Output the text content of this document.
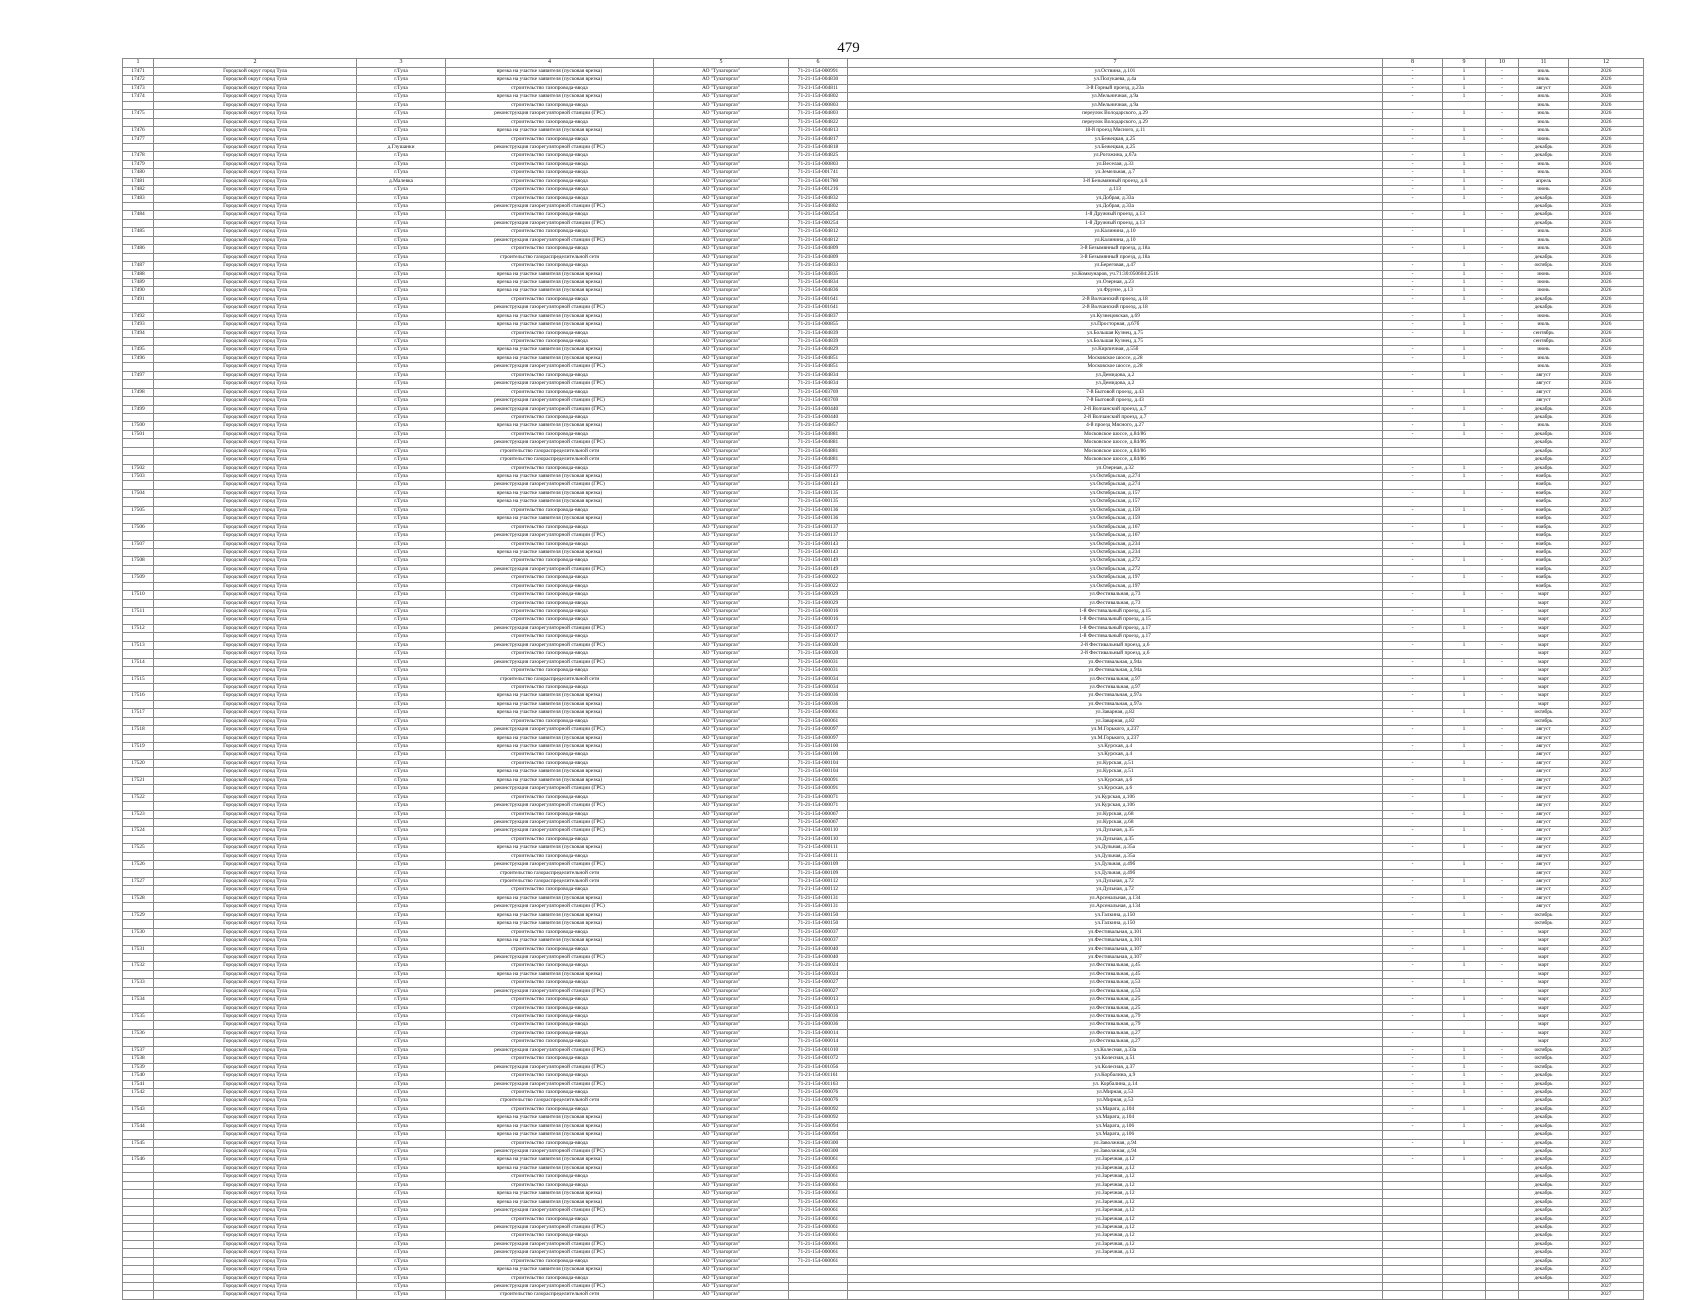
479
1	2	3	4	5	6	7	8	9	10	11	12
17471	Городской округ город Тула	г.Тула	врезка на участке заявителя (пусковая врезка)	АО "Тулагоргаз"	71-21-154-000991	ул.Оствина, д.101	-	1	-	июль	2026
17472	Городской округ город Тула	г.Тула	врезка на участке заявителя (пусковая врезка)	АО "Тулагоргаз"	71-21-154-004830	ул.Полукаева, д.4а	-	1	-	июль	2026
17473	Городской округ город Тула	г.Тула	строительство газопровода-ввода	АО "Тулагоргаз"	71-21-154-004811	3-й Горный проезд, д.23а	-	1	-	август	2026
17474	Городской округ город Тула	г.Тула	врезка на участке заявителя (пусковая врезка)	АО "Тулагоргаз"	71-21-154-004802	ул.Мельничная, д.9а	-	1	-	июль	2026
	Городской округ город Тула	г.Тула	строительство газопровода-ввода	АО "Тулагоргаз"	71-21-154-000803	ул.Мельничная, д.9а				июль	2026
17475	Городской округ город Тула	г.Тула	реконструкция газорегуляторной станции (ГРС)	АО "Тулагоргаз"	71-21-154-004803	переулок Володарского, д.29	-	1	-	июль	2026
	Городской округ город Тула	г.Тула	строительство газопровода-ввода	АО "Тулагоргаз"	71-21-154-004822	переулок Володарского, д.29				июль	2026
17476	Городской округ город Тула	г.Тула	врезка на участке заявителя (пусковая врезка)	АО "Тулагоргаз"	71-21-154-004813	18-й проезд Мясного, д.11	-	1	-	июль	2026
17477	Городской округ город Тула	г.Тула	строительство газопровода-ввода	АО "Тулагоргаз"	71-21-154-004817	ул.Бежецкая, д.25	-	1	-	июнь	2026
	Городской округ город Тула	д.Глушанки	реконструкция газорегуляторной станции (ГРС)	АО "Тулагоргаз"	71-21-154-004818	ул.Бежецкая, д.25				декабрь	2026
17478	Городской округ город Тула	г.Тула	строительство газопровода-ввода	АО "Тулагоргаз"	71-21-154-004825	ул.Рогожина, д.67а	-	1	-	декабрь	2026
17479	Городской округ город Тула	г.Тула	строительство газопровода-ввода	АО "Тулагоргаз"	71-21-154-000803	ул.Веселая, д.33	-	1	-	июль	2026
17480	Городской округ город Тула	г.Тула	строительство газопровода-ввода	АО "Тулагоргаз"	71-21-154-001741	ул.Земельная, д.7	-	1	-	июль	2026
17481	Городской округ город Тула	д.Малевка	строительство газопровода-ввода	АО "Тулагоргаз"	71-21-154-001780	3-й Безымянный проезд, д.6	-	1	-	апрель	2026
17482	Городской округ город Тула	г.Тула	строительство газопровода-ввода	АО "Тулагоргаз"	71-21-154-001216	д.113	-	1	-	июнь	2026
17483	Городской округ город Тула	г.Тула	строительство газопровода-ввода	АО "Тулагоргаз"	71-21-154-004832	ул.Добрая, д.33а	-	1	-	декабрь	2026
	Городской округ город Тула	г.Тула	реконструкция газорегуляторной станции (ГРС)	АО "Тулагоргаз"	71-21-154-004802	ул.Добрая, д.33а				декабрь	2026
17484	Городской округ город Тула	г.Тула	строительство газопровода-ввода	АО "Тулагоргаз"	71-21-154-000254	1-й Дружный проезд, д.13	-	1	-	декабрь	2026
	Городской округ город Тула	г.Тула	реконструкция газорегуляторной станции (ГРС)	АО "Тулагоргаз"	71-21-154-000254	1-й Дружный проезд, д.13				декабрь	2026
17485	Городской округ город Тула	г.Тула	строительство газопровода-ввода	АО "Тулагоргаз"	71-21-154-004812	ул.Калинина, д.10	-	1	-	июль	2026
	Городской округ город Тула	г.Тула	реконструкция газорегуляторной станции (ГРС)	АО "Тулагоргаз"	71-21-154-004812	ул.Калинина, д.10				июль	2026
17486	Городской округ город Тула	г.Тула	строительство газопровода-ввода	АО "Тулагоргаз"	71-21-154-004809	3-й Безымянный проезд, д.18а	-	1	-	июль	2026
	Городской округ город Тула	г.Тула	строительство газораспределительной сети	АО "Тулагоргаз"	71-21-154-004809	3-й Безымянный проезд, д.18а				декабрь	2026
17487	Городской округ город Тула	г.Тула	строительство газопровода-ввода	АО "Тулагоргаз"	71-21-154-004833	ул.Береговая, д.47	-	1	-	октябрь	2026
17488	Городской округ город Тула	г.Тула	врезка на участке заявителя (пусковая врезка)	АО "Тулагоргаз"	71-21-154-004835	ул.Коммунаров, уч.71:30:050604:2516	-	1	-	июнь	2026
17489	Городской округ город Тула	г.Тула	врезка на участке заявителя (пусковая врезка)	АО "Тулагоргаз"	71-21-154-004834	ул.Озерная, д.23	-	1	-	июнь	2026
17490	Городской округ город Тула	г.Тула	врезка на участке заявителя (пусковая врезка)	АО "Тулагоргаз"	71-21-154-004836	ул.Фрунзе, д.13	-	1	-	июнь	2026
17491	Городской округ город Тула	г.Тула	строительство газопровода-ввода	АО "Тулагоргаз"	71-21-154-001641	2-й Волчанский проезд, д.18	-	1	-	декабрь	2026
	Городской округ город Тула	г.Тула	реконструкция газорегуляторной станции (ГРС)	АО "Тулагоргаз"	71-21-154-001641	2-й Волчанский проезд, д.18				декабрь	2026
17492	Городской округ город Тула	г.Тула	врезка на участке заявителя (пусковая врезка)	АО "Тулагоргаз"	71-21-154-004837	ул.Кузнецовская, д.69	-	1	-	июнь	2026
17493	Городской округ город Тула	г.Тула	врезка на участке заявителя (пусковая врезка)	АО "Тулагоргаз"	71-21-154-000855	ул.Просторная, д.67б	-	1	-	июль	2026
17494	Городской округ город Тула	г.Тула	строительство газопровода-ввода	АО "Тулагоргаз"	71-21-154-004839	ул.Большая Кузнец, д.75	-	1	-	сентябрь	2026
	Городской округ город Тула	г.Тула	строительство газопровода-ввода	АО "Тулагоргаз"	71-21-154-004839	ул.Большая Кузнец, д.75				сентябрь	2026
17495	Городской округ город Тула	г.Тула	врезка на участке заявителя (пусковая врезка)	АО "Тулагоргаз"	71-21-154-004829	ул.Кирпичная, д.55б	-	1	-	июнь	2026
17496	Городской округ город Тула	г.Тула	врезка на участке заявителя (пусковая врезка)	АО "Тулагоргаз"	71-21-154-004851	Московское шоссе, д.28	-	1	-	июль	2026
	Городской округ город Тула	г.Тула	реконструкция газорегуляторной станции (ГРС)	АО "Тулагоргаз"	71-21-154-004851	Московское шоссе, д.28				июль	2026
17497	Городской округ город Тула	г.Тула	строительство газопровода-ввода	АО "Тулагоргаз"	71-21-154-004834	ул.Демидова, д.2	-	1	-	август	2026
	Городской округ город Тула	г.Тула	реконструкция газорегуляторной станции (ГРС)	АО "Тулагоргаз"	71-21-154-004834	ул.Демидова, д.2				август	2026
17498	Городской округ город Тула	г.Тула	строительство газопровода-ввода	АО "Тулагоргаз"	71-21-154-003769	7-й Бытовой проезд, д.43	-	1	-	август	2026
	Городской округ город Тула	г.Тула	реконструкция газорегуляторной станции (ГРС)	АО "Тулагоргаз"	71-21-154-003769	7-й Бытовой проезд, д.43				август	2026
17499	Городской округ город Тула	г.Тула	реконструкция газорегуляторной станции (ГРС)	АО "Тулагоргаз"	71-21-154-000440	2-й Волчанский проезд, д.7	-	1	-	декабрь	2026
	Городской округ город Тула	г.Тула	строительство газопровода-ввода	АО "Тулагоргаз"	71-21-154-000440	2-й Волчанский проезд, д.7				декабрь	2026
17500	Городской округ город Тула	г.Тула	врезка на участке заявителя (пусковая врезка)	АО "Тулагоргаз"	71-21-154-004857	4-й проезд Мясного, д.27	-	1	-	июль	2026
17501	Городской округ город Тула	г.Тула	строительство газопровода-ввода	АО "Тулагоргаз"	71-21-154-004881	Московское шоссе, д.84/86	-	1	-	декабрь	2026
	Городской округ город Тула	г.Тула	реконструкция газорегуляторной станции (ГРС)	АО "Тулагоргаз"	71-21-154-004881	Московское шоссе, д.84/86				декабрь	2027
	Городской округ город Тула	г.Тула	строительство газораспределительной сети	АО "Тулагоргаз"	71-21-154-004881	Московское шоссе, д.84/86				декабрь	2027
	Городской округ город Тула	г.Тула	строительство газораспределительной сети	АО "Тулагоргаз"	71-21-154-004881	Московское шоссе, д.84/86				декабрь	2027
17502	Городской округ город Тула	г.Тула	строительство газопровода-ввода	АО "Тулагоргаз"	71-21-154-004777	ул.Озерная, д.32	-	1	-	декабрь	2027
17503	Городской округ город Тула	г.Тула	врезка на участке заявителя (пусковая врезка)	АО "Тулагоргаз"	71-21-154-000143	ул.Октябрьская, д.274	-	1	-	ноябрь	2027
	Городской округ город Тула	г.Тула	реконструкция газорегуляторной станции (ГРС)	АО "Тулагоргаз"	71-21-154-000143	ул.Октябрьская, д.274				ноябрь	2027
17504	Городской округ город Тула	г.Тула	врезка на участке заявителя (пусковая врезка)	АО "Тулагоргаз"	71-21-154-000135	ул.Октябрьская, д.157	-	1	-	ноябрь	2027
	Городской округ город Тула	г.Тула	врезка на участке заявителя (пусковая врезка)	АО "Тулагоргаз"	71-21-154-000135	ул.Октябрьская, д.157				ноябрь	2027
17505	Городской округ город Тула	г.Тула	строительство газопровода-ввода	АО "Тулагоргаз"	71-21-154-000136	ул.Октябрьская, д.159	-	1	-	ноябрь	2027
	Городской округ город Тула	г.Тула	врезка на участке заявителя (пусковая врезка)	АО "Тулагоргаз"	71-21-154-000136	ул.Октябрьская, д.159				ноябрь	2027
17506	Городской округ город Тула	г.Тула	строительство газопровода-ввода	АО "Тулагоргаз"	71-21-154-000137	ул.Октябрьская, д.167	-	1	-	ноябрь	2027
	Городской округ город Тула	г.Тула	реконструкция газорегуляторной станции (ГРС)	АО "Тулагоргаз"	71-21-154-000137	ул.Октябрьская, д.167				ноябрь	2027
17507	Городской округ город Тула	г.Тула	строительство газопровода-ввода	АО "Тулагоргаз"	71-21-154-000143	ул.Октябрьская, д.234	-	1	-	ноябрь	2027
	Городской округ город Тула	г.Тула	врезка на участке заявителя (пусковая врезка)	АО "Тулагоргаз"	71-21-154-000143	ул.Октябрьская, д.234				ноябрь	2027
17508	Городской округ город Тула	г.Тула	строительство газопровода-ввода	АО "Тулагоргаз"	71-21-154-000149	ул.Октябрьская, д.272	-	1	-	ноябрь	2027
	Городской округ город Тула	г.Тула	реконструкция газорегуляторной станции (ГРС)	АО "Тулагоргаз"	71-21-154-000149	ул.Октябрьская, д.272				ноябрь	2027
17509	Городской округ город Тула	г.Тула	строительство газопровода-ввода	АО "Тулагоргаз"	71-21-154-000022	ул.Октябрьская, д.197	-	1	-	ноябрь	2027
	Городской округ город Тула	г.Тула	строительство газопровода-ввода	АО "Тулагоргаз"	71-21-154-000022	ул.Октябрьская, д.197				ноябрь	2027
17510	Городской округ город Тула	г.Тула	строительство газопровода-ввода	АО "Тулагоргаз"	71-21-154-000029	ул.Фестивальная, д.73	-	1	-	март	2027
	Городской округ город Тула	г.Тула	строительство газопровода-ввода	АО "Тулагоргаз"	71-21-154-000029	ул.Фестивальная, д.73				март	2027
17511	Городской округ город Тула	г.Тула	строительство газопровода-ввода	АО "Тулагоргаз"	71-21-154-000016	1-й Фестивальный проезд, д.15	-	1	-	март	2027
	Городской округ город Тула	г.Тула	строительство газопровода-ввода	АО "Тулагоргаз"	71-21-154-000016	1-й Фестивальный проезд, д.15				март	2027
17512	Городской округ город Тула	г.Тула	реконструкция газорегуляторной станции (ГРС)	АО "Тулагоргаз"	71-21-154-000017	1-й Фестивальный проезд, д.17	-	1	-	март	2027
	Городской округ город Тула	г.Тула	строительство газопровода-ввода	АО "Тулагоргаз"	71-21-154-000017	1-й Фестивальный проезд, д.17				март	2027
17513	Городской округ город Тула	г.Тула	реконструкция газорегуляторной станции (ГРС)	АО "Тулагоргаз"	71-21-154-000020	2-й Фестивальный проезд, д.6	-	1	-	март	2027
	Городской округ город Тула	г.Тула	строительство газопровода-ввода	АО "Тулагоргаз"	71-21-154-000020	2-й Фестивальный проезд, д.6				март	2027
17514	Городской округ город Тула	г.Тула	реконструкция газорегуляторной станции (ГРС)	АО "Тулагоргаз"	71-21-154-000031	ул.Фестивальная, д.94а	-	1	-	март	2027
	Городской округ город Тула	г.Тула	строительство газопровода-ввода	АО "Тулагоргаз"	71-21-154-000031	ул.Фестивальная, д.94а				март	2027
17515	Городской округ город Тула	г.Тула	строительство газораспределительной сети	АО "Тулагоргаз"	71-21-154-000034	ул.Фестивальная, д.97	-	1	-	март	2027
	Городской округ город Тула	г.Тула	строительство газопровода-ввода	АО "Тулагоргаз"	71-21-154-000034	ул.Фестивальная, д.97				март	2027
17516	Городской округ город Тула	г.Тула	врезка на участке заявителя (пусковая врезка)	АО "Тулагоргаз"	71-21-154-000036	ул.Фестивальная, д.97а	-	1	-	март	2027
	Городской округ город Тула	г.Тула	врезка на участке заявителя (пусковая врезка)	АО "Тулагоргаз"	71-21-154-000036	ул.Фестивальная, д.97а				март	2027
17517	Городской округ город Тула	г.Тула	врезка на участке заявителя (пусковая врезка)	АО "Тулагоргаз"	71-21-154-000061	ул.Заварная, д.82	-	1	-	октябрь	2027
	Городской округ город Тула	г.Тула	строительство газопровода-ввода	АО "Тулагоргаз"	71-21-154-000061	ул.Заварная, д.82				октябрь	2027
17518	Городской округ город Тула	г.Тула	реконструкция газорегуляторной станции (ГРС)	АО "Тулагоргаз"	71-21-154-000097	ул.М.Горького, д.237	-	1	-	август	2027
	Городской округ город Тула	г.Тула	врезка на участке заявителя (пусковая врезка)	АО "Тулагоргаз"	71-21-154-000097	ул.М.Горького, д.237				август	2027
17519	Городской округ город Тула	г.Тула	врезка на участке заявителя (пусковая врезка)	АО "Тулагоргаз"	71-21-154-000100	ул.Курская, д.4	-	1	-	август	2027
	Городской округ город Тула	г.Тула	строительство газопровода-ввода	АО "Тулагоргаз"	71-21-154-000100	ул.Курская, д.4				август	2027
17520	Городской округ город Тула	г.Тула	строительство газопровода-ввода	АО "Тулагоргаз"	71-21-154-000104	ул.Курская, д.51	-	1	-	август	2027
	Городской округ город Тула	г.Тула	врезка на участке заявителя (пусковая врезка)	АО "Тулагоргаз"	71-21-154-000104	ул.Курская, д.51				август	2027
17521	Городской округ город Тула	г.Тула	врезка на участке заявителя (пусковая врезка)	АО "Тулагоргаз"	71-21-154-000091	ул.Курская, д.6	-	1	-	август	2027
	Городской округ город Тула	г.Тула	реконструкция газорегуляторной станции (ГРС)	АО "Тулагоргаз"	71-21-154-000091	ул.Курская, д.6				август	2027
17522	Городской округ город Тула	г.Тула	строительство газопровода-ввода	АО "Тулагоргаз"	71-21-154-000071	ул.Курская, д.106	-	1	-	август	2027
	Городской округ город Тула	г.Тула	реконструкция газорегуляторной станции (ГРС)	АО "Тулагоргаз"	71-21-154-000071	ул.Курская, д.106				август	2027
17523	Городской округ город Тула	г.Тула	строительство газопровода-ввода	АО "Тулагоргаз"	71-21-154-000067	ул.Курская, д.68	-	1	-	август	2027
	Городской округ город Тула	г.Тула	реконструкция газорегуляторной станции (ГРС)	АО "Тулагоргаз"	71-21-154-000067	ул.Курская, д.68				август	2027
17524	Городской округ город Тула	г.Тула	реконструкция газорегуляторной станции (ГРС)	АО "Тулагоргаз"	71-21-154-000110	ул.Дульная, д.35	-	1	-	август	2027
	Городской округ город Тула	г.Тула	строительство газопровода-ввода	АО "Тулагоргаз"	71-21-154-000110	ул.Дульная, д.35				август	2027
17525	Городской округ город Тула	г.Тула	врезка на участке заявителя (пусковая врезка)	АО "Тулагоргаз"	71-21-154-000111	ул.Дульная, д.35а	-	1	-	август	2027
	Городской округ город Тула	г.Тула	строительство газопровода-ввода	АО "Тулагоргаз"	71-21-154-000111	ул.Дульная, д.35а				август	2027
17526	Городской округ город Тула	г.Тула	реконструкция газорегуляторной станции (ГРС)	АО "Тулагоргаз"	71-21-154-000109	ул.Дульная, д.49б	-	1	-	август	2027
	Городской округ город Тула	г.Тула	строительство газораспределительной сети	АО "Тулагоргаз"	71-21-154-000109	ул.Дульная, д.49б				август	2027
17527	Городской округ город Тула	г.Тула	строительство газораспределительной сети	АО "Тулагоргаз"	71-21-154-000112	ул.Дульная, д.72	-	1	-	август	2027
	Городской округ город Тула	г.Тула	строительство газопровода-ввода	АО "Тулагоргаз"	71-21-154-000112	ул.Дульная, д.72				август	2027
17528	Городской округ город Тула	г.Тула	врезка на участке заявителя (пусковая врезка)	АО "Тулагоргаз"	71-21-154-000131	ул.Арсенальная, д.134	-	1	-	август	2027
	Городской округ город Тула	г.Тула	реконструкция газорегуляторной станции (ГРС)	АО "Тулагоргаз"	71-21-154-000131	ул.Арсенальная, д.134				август	2027
17529	Городской округ город Тула	г.Тула	врезка на участке заявителя (пусковая врезка)	АО "Тулагоргаз"	71-21-154-000150	ул.Галкина, д.150	-	1	-	октябрь	2027
	Городской округ город Тула	г.Тула	врезка на участке заявителя (пусковая врезка)	АО "Тулагоргаз"	71-21-154-000150	ул.Галкина, д.150				октябрь	2027
17530	Городской округ город Тула	г.Тула	строительство газопровода-ввода	АО "Тулагоргаз"	71-21-154-000037	ул.Фестивальная, д.101	-	1	-	март	2027
	Городской округ город Тула	г.Тула	врезка на участке заявителя (пусковая врезка)	АО "Тулагоргаз"	71-21-154-000037	ул.Фестивальная, д.101				март	2027
17531	Городской округ город Тула	г.Тула	строительство газопровода-ввода	АО "Тулагоргаз"	71-21-154-000040	ул.Фестивальная, д.107	-	1	-	март	2027
	Городской округ город Тула	г.Тула	реконструкция газорегуляторной станции (ГРС)	АО "Тулагоргаз"	71-21-154-000040	ул.Фестивальная, д.107				март	2027
17532	Городской округ город Тула	г.Тула	строительство газопровода-ввода	АО "Тулагоргаз"	71-21-154-000024	ул.Фестивальная, д.45	-	1	-	март	2027
	Городской округ город Тула	г.Тула	врезка на участке заявителя (пусковая врезка)	АО "Тулагоргаз"	71-21-154-000024	ул.Фестивальная, д.45				март	2027
17533	Городской округ город Тула	г.Тула	строительство газопровода-ввода	АО "Тулагоргаз"	71-21-154-000027	ул.Фестивальная, д.53	-	1	-	март	2027
	Городской округ город Тула	г.Тула	реконструкция газорегуляторной станции (ГРС)	АО "Тулагоргаз"	71-21-154-000027	ул.Фестивальная, д.53				март	2027
17534	Городской округ город Тула	г.Тула	строительство газопровода-ввода	АО "Тулагоргаз"	71-21-154-000013	ул.Фестивальная, д.25	-	1	-	март	2027
	Городской округ город Тула	г.Тула	строительство газопровода-ввода	АО "Тулагоргаз"	71-21-154-000013	ул.Фестивальная, д.25				март	2027
17535	Городской округ город Тула	г.Тула	строительство газопровода-ввода	АО "Тулагоргаз"	71-21-154-000036	ул.Фестивальная, д.79	-	1	-	март	2027
	Городской округ город Тула	г.Тула	строительство газопровода-ввода	АО "Тулагоргаз"	71-21-154-000036	ул.Фестивальная, д.79				март	2027
17536	Городской округ город Тула	г.Тула	строительство газопровода-ввода	АО "Тулагоргаз"	71-21-154-000014	ул.Фестивальная, д.27	-	1	-	март	2027
	Городской округ город Тула	г.Тула	строительство газопровода-ввода	АО "Тулагоргаз"	71-21-154-000014	ул.Фестивальная, д.27				март	2027
17537	Городской округ город Тула	г.Тула	реконструкция газорегуляторной станции (ГРС)	АО "Тулагоргаз"	71-21-154-001010	ул.Колесная, д.33а	-	1	-	октябрь	2027
17538	Городской округ город Тула	г.Тула	строительство газопровода-ввода	АО "Тулагоргаз"	71-21-154-001072	ул.Колесная, д.51	-	1	-	октябрь	2027
17539	Городской округ город Тула	г.Тула	реконструкция газорегуляторной станции (ГРС)	АО "Тулагоргаз"	71-21-154-001056	ул.Колесная, д.37	-	1	-	октябрь	2027
17540	Городской округ город Тула	г.Тула	строительство газопровода-ввода	АО "Тулагоргаз"	71-21-154-001161	ул.Корбалина, д.9	-	1	-	декабрь	2027
17541	Городской округ город Тула	г.Тула	реконструкция газорегуляторной станции (ГРС)	АО "Тулагоргаз"	71-21-154-001163	ул. Корбалина, д.14	-	1	-	декабрь	2027
17542	Городской округ город Тула	г.Тула	строительство газопровода-ввода	АО "Тулагоргаз"	71-21-154-000076	ул.Мирная, д.53	-	1	-	декабрь	2027
	Городской округ город Тула	г.Тула	строительство газораспределительной сети	АО "Тулагоргаз"	71-21-154-000076	ул.Мирная, д.53				декабрь	2027
17543	Городской округ город Тула	г.Тула	строительство газопровода-ввода	АО "Тулагоргаз"	71-21-154-000092	ул.Марата, д.104	-	1	-	декабрь	2027
	Городской округ город Тула	г.Тула	врезка на участке заявителя (пусковая врезка)	АО "Тулагоргаз"	71-21-154-000092	ул.Марата, д.104				декабрь	2027
17544	Городской округ город Тула	г.Тула	врезка на участке заявителя (пусковая врезка)	АО "Тулагоргаз"	71-21-154-000094	ул.Марата, д.106	-	1	-	декабрь	2027
	Городской округ город Тула	г.Тула	врезка на участке заявителя (пусковая врезка)	АО "Тулагоргаз"	71-21-154-000094	ул.Марата, д.106				декабрь	2027
17545	Городской округ город Тула	г.Тула	строительство газопровода-ввода	АО "Тулагоргаз"	71-21-154-000300	ул.Заволжная, д.94	-	1	-	декабрь	2027
	Городской округ город Тула	г.Тула	реконструкция газорегуляторной станции (ГРС)	АО "Тулагоргаз"	71-21-154-000300	ул.Заволжная, д.94				декабрь	2027
17546	Городской округ город Тула	г.Тула	врезка на участке заявителя (пусковая врезка)	АО "Тулагоргаз"	71-21-154-000061	ул.Заречная, д.12	-	1	-	декабрь	2027
	Городской округ город Тула	г.Тула	врезка на участке заявителя (пусковая врезка)	АО "Тулагоргаз"	71-21-154-000061	ул.Заречная, д.12				декабрь	2027
	Городской округ город Тула	г.Тула	строительство газопровода-ввода	АО "Тулагоргаз"	71-21-154-000061	ул.Заречная, д.12				декабрь	2027
	Городской округ город Тула	г.Тула	строительство газопровода-ввода	АО "Тулагоргаз"	71-21-154-000061	ул.Заречная, д.12				декабрь	2027
	Городской округ город Тула	г.Тула	врезка на участке заявителя (пусковая врезка)	АО "Тулагоргаз"	71-21-154-000061	ул.Заречная, д.12				декабрь	2027
	Городской округ город Тула	г.Тула	врезка на участке заявителя (пусковая врезка)	АО "Тулагоргаз"	71-21-154-000061	ул.Заречная, д.12				декабрь	2027
	Городской округ город Тула	г.Тула	реконструкция газорегуляторной станции (ГРС)	АО "Тулагоргаз"	71-21-154-000061	ул.Заречная, д.12				декабрь	2027
	Городской округ город Тула	г.Тула	строительство газопровода-ввода	АО "Тулагоргаз"	71-21-154-000061	ул.Заречная, д.12				декабрь	2027
	Городской округ город Тула	г.Тула	реконструкция газорегуляторной станции (ГРС)	АО "Тулагоргаз"	71-21-154-000061	ул.Заречная, д.12				декабрь	2027
	Городской округ город Тула	г.Тула	строительство газопровода-ввода	АО "Тулагоргаз"	71-21-154-000061	ул.Заречная, д.12				декабрь	2027
	Городской округ город Тула	г.Тула	реконструкция газорегуляторной станции (ГРС)	АО "Тулагоргаз"	71-21-154-000061	ул.Заречная, д.12				декабрь	2027
	Городской округ город Тула	г.Тула	реконструкция газорегуляторной станции (ГРС)	АО "Тулагоргаз"	71-21-154-000061	ул.Заречная, д.12				декабрь	2027
	Городской округ город Тула	г.Тула	строительство газопровода-ввода	АО "Тулагоргаз"	71-21-154-000061					декабрь	2027
	Городской округ город Тула	г.Тула	врезка на участке заявителя (пусковая врезка)	АО "Тулагоргаз"						декабрь	2027
	Городской округ город Тула	г.Тула	строительство газопровода-ввода	АО "Тулагоргаз"						декабрь	2027
	Городской округ город Тула	г.Тула	реконструкция газорегуляторной станции (ГРС)	АО "Тулагоргаз"							2027
	Городской округ город Тула	г.Тула	строительство газораспределительной сети	АО "Тулагоргаз"							2027
